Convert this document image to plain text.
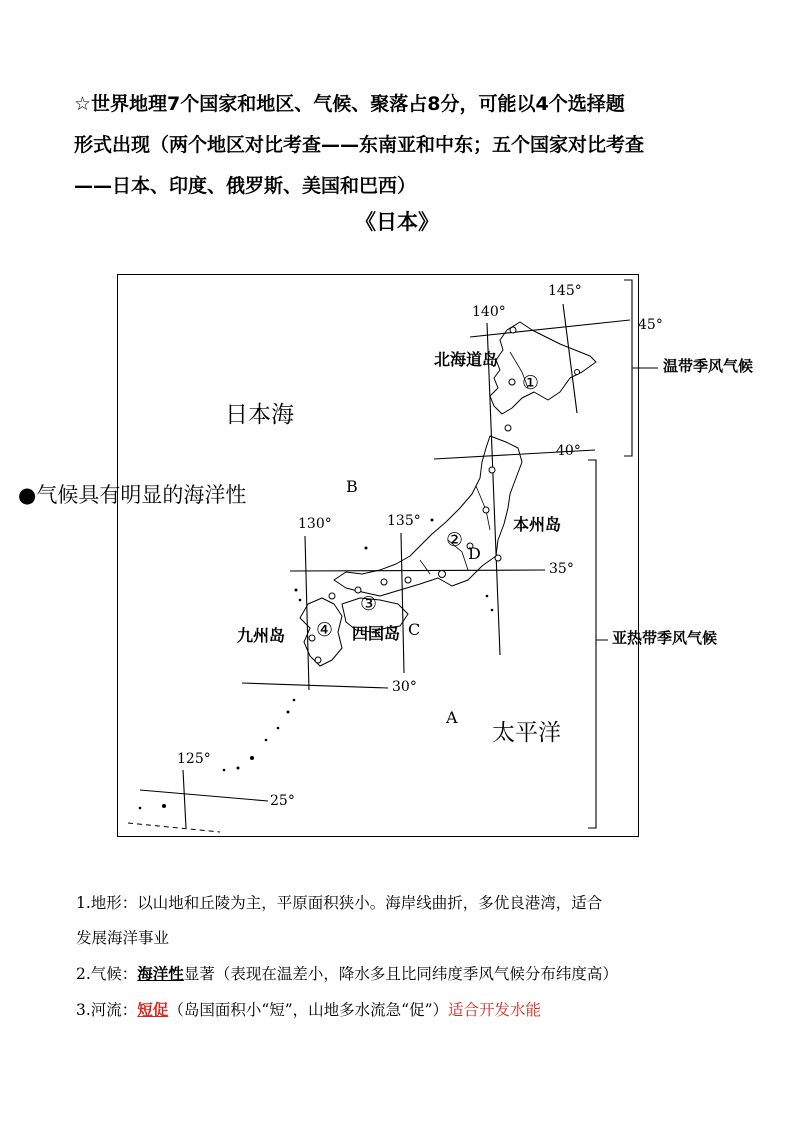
☆世界地理7个国家和地区、气候、聚落占8分，可能以4个选择题
形式出现（两个地区对比考查——东南亚和中东；五个国家对比考查
——日本、印度、俄罗斯、美国和巴西）
《日本》
145°
140°
135°
130°
125°
45°
40°
35°
30°
25°
日本海
太平洋
北海道岛
本州岛
四国岛
九州岛
A
B
C
D
①
②
③
④
温带季风气候
亚热带季风气候
●气候具有明显的海洋性
1.地形：以山地和丘陵为主，平原面积狭小。海岸线曲折，多优良港湾，适合
发展海洋事业
2.气候：海洋性显著（表现在温差小，降水多且比同纬度季风气候分布纬度高）
3.河流：短促（岛国面积小“短”，山地多水流急“促”）适合开发水能
